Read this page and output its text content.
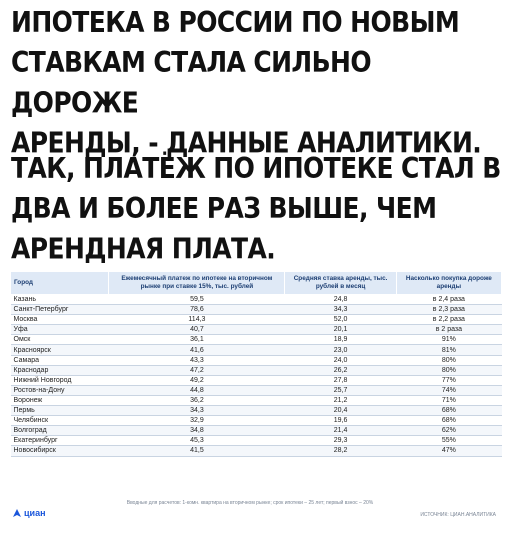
ИПОТЕКА В РОССИИ ПО НОВЫМ
СТАВКАМ СТАЛА СИЛЬНО ДОРОЖЕ
АРЕНДЫ, - ДАННЫЕ АНАЛИТИКИ.
ТАК, ПЛАТЁЖ ПО ИПОТЕКЕ СТАЛ В
ДВА И БОЛЕЕ РАЗ ВЫШЕ, ЧЕМ
АРЕНДНАЯ ПЛАТА.
Город	Ежемесячный платеж по ипотеке на вторичном рынке при ставке 15%, тыс. рублей	Средняя ставка аренды, тыс. рублей в месяц	Насколько покупка дороже аренды
Казань	59,5	24,8	в 2,4 раза
Санкт-Петербург	78,6	34,3	в 2,3 раза
Москва	114,3	52,0	в 2,2 раза
Уфа	40,7	20,1	в 2 раза
Омск	36,1	18,9	91%
Красноярск	41,6	23,0	81%
Самара	43,3	24,0	80%
Краснодар	47,2	26,2	80%
Нижний Новгород	49,2	27,8	77%
Ростов-на-Дону	44,8	25,7	74%
Воронеж	36,2	21,2	71%
Пермь	34,3	20,4	68%
Челябинск	32,9	19,6	68%
Волгоград	34,8	21,4	62%
Екатеринбург	45,3	29,3	55%
Новосибирск	41,5	28,2	47%
Вводные для расчетов: 1-комн. квартира на вторичном рынке; срок ипотеки – 25 лет; первый взнос – 20%
циан	ИСТОЧНИК: ЦИАН.АНАЛИТИКА
